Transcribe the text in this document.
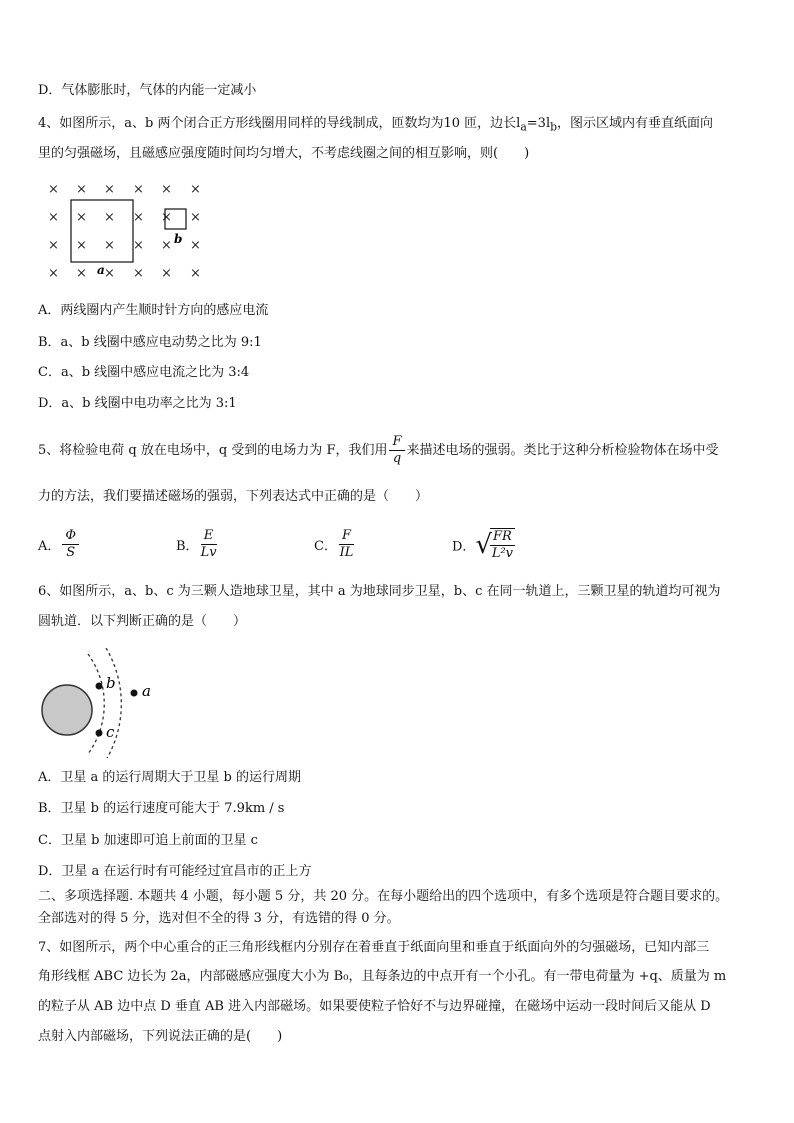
D．气体膨胀时，气体的内能一定减小
4、如图所示，a、b 两个闭合正方形线圈用同样的导线制成，匝数均为10 匝，边长$l_a=3l_b$，图示区域内有垂直纸面向
里的匀强磁场，且磁感应强度随时间均匀增大，不考虑线圈之间的相互影响，则(　　)
× × × × × ×
× × × × × ×
× × × × × ×
× × × × × ×
a
b
A．两线圈内产生顺时针方向的感应电流
B．a、b 线圈中感应电动势之比为 9:1
C．a、b 线圈中感应电流之比为 3:4
D．a、b 线圈中电功率之比为 3:1
5、将检验电荷 q 放在电场中，q 受到的电场力为 F，我们用 $\frac{F}{q}$ 来描述电场的强弱。类比于这种分析检验物体在场中受
力的方法，我们要描述磁场的强弱，下列表达式中正确的是（　　）
A． $\frac{\Phi}{S}$	B． $\frac{E}{Lv}$	C． $\frac{F}{IL}$	D．√
$\frac{FR}{\text{L²v}}$
6、如图所示，a、b、c 为三颗人造地球卫星，其中 a 为地球同步卫星，b、c 在同一轨道上，三颗卫星的轨道均可视为
圆轨道．以下判断正确的是（　　）
b
c
a
A．卫星 a 的运行周期大于卫星 b 的运行周期
B．卫星 b 的运行速度可能大于 7.9km / s
C．卫星 b 加速即可追上前面的卫星 c
D．卫星 a 在运行时有可能经过宜昌市的正上方
二、多项选择题. 本题共 4 小题，每小题 5 分，共 20 分。在每小题给出的四个选项中，有多个选项是符合题目要求的。
全部选对的得 5 分，选对但不全的得 3 分，有选错的得 0 分。
7、如图所示，两个中心重合的正三角形线框内分别存在着垂直于纸面向里和垂直于纸面向外的匀强磁场，已知内部三
角形线框 ABC 边长为 2a，内部磁感应强度大小为 B₀，且每条边的中点开有一个小孔。有一带电荷量为 +q、质量为 m
的粒子从 AB 边中点 D 垂直 AB 进入内部磁场。如果要使粒子恰好不与边界碰撞，在磁场中运动一段时间后又能从 D
点射入内部磁场，下列说法正确的是(　　)
